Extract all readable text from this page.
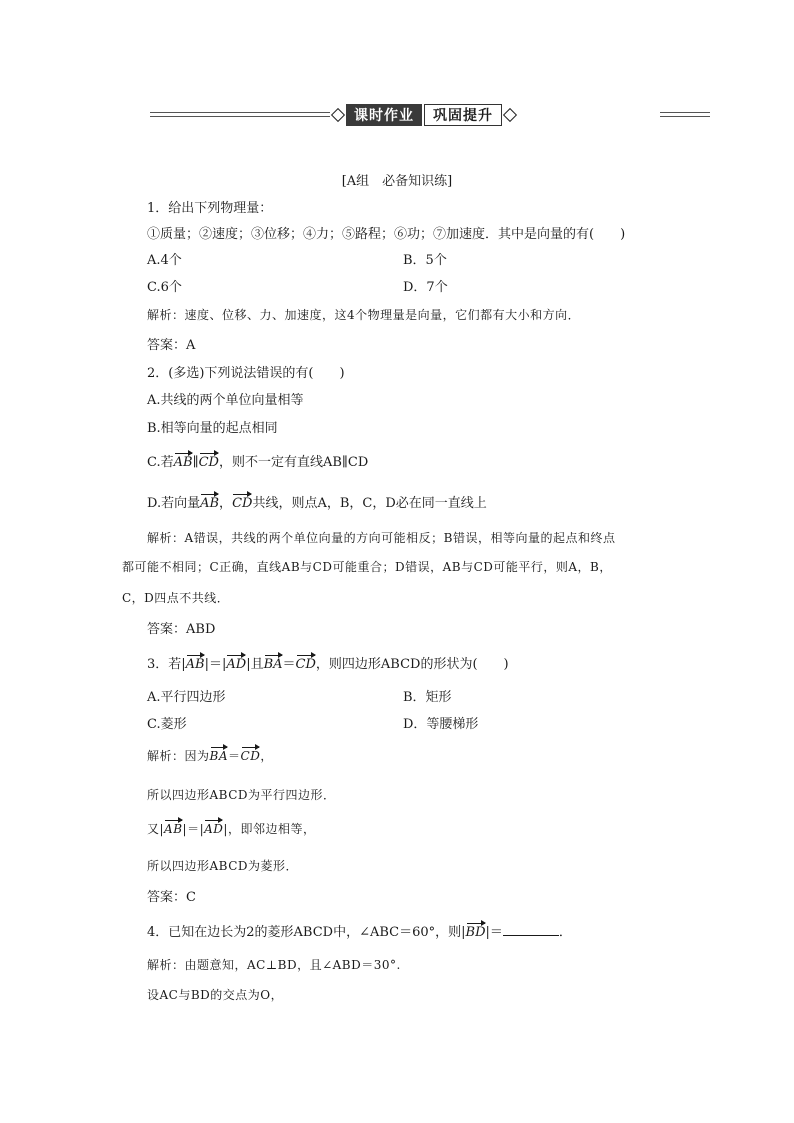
课时作业	巩固提升
[A组　必备知识练]
1．给出下列物理量：
①质量；②速度；③位移；④力；⑤路程；⑥功；⑦加速度．其中是向量的有(　　)
A.4个	B．5个
C.6个	D．7个
解析：速度、位移、力、加速度，这4个物理量是向量，它们都有大小和方向．
答案：A
2．(多选)下列说法错误的有(　　)
A.共线的两个单位向量相等
B.相等向量的起点相同
C.若AB∥CD，则不一定有直线AB∥CD
D.若向量AB，CD共线，则点A，B，C，D必在同一直线上
解析：A错误，共线的两个单位向量的方向可能相反；B错误，相等向量的起点和终点
都可能不相同；C正确，直线AB与CD可能重合；D错误，AB与CD可能平行，则A，B，
C，D四点不共线．
答案：ABD
3．若|AB|＝|AD|且BA＝CD，则四边形ABCD的形状为(　　)
A.平行四边形	B．矩形
C.菱形	D．等腰梯形
解析：因为BA＝CD，
所以四边形ABCD为平行四边形．
又|AB|＝|AD|，即邻边相等，
所以四边形ABCD为菱形．
答案：C
4．已知在边长为2的菱形ABCD中，∠ABC＝60°，则|BD|＝	．
解析：由题意知，AC⊥BD，且∠ABD＝30°.
设AC与BD的交点为O，
